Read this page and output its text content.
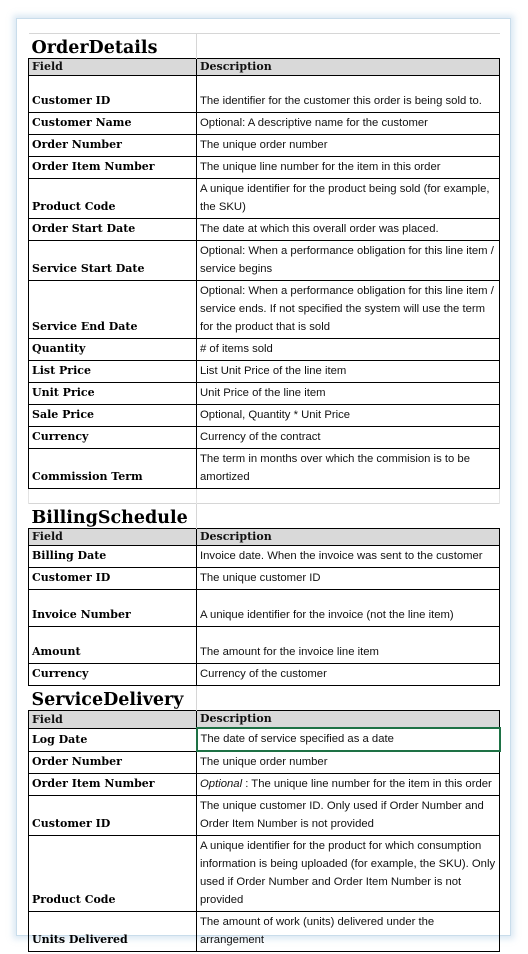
OrderDetails	
Field	Description
Customer ID	The identifier for the customer this order is being sold to.
Customer Name	Optional: A descriptive name for the customer
Order Number	The unique order number
Order Item Number	The unique line number for the item in this order
Product Code	A unique identifier for the product being sold (for example, the SKU)
Order Start Date	The date at which this overall order was placed.
Service Start Date	Optional: When a performance obligation for this line item / service begins
Service End Date	Optional: When a performance obligation for this line item / service ends. If not specified the system will use the term for the product that is sold
Quantity	# of items sold
List Price	List Unit Price of the line item
Unit Price	Unit Price of the line item
Sale Price	Optional, Quantity * Unit Price
Currency	Currency of the contract
Commission Term	The term in months over which the commision is to be amortized

BillingSchedule	
Field	Description
Billing Date	Invoice date. When the invoice was sent to the customer
Customer ID	The unique customer ID
Invoice Number	A unique identifier for the invoice (not the line item)
Amount	The amount for the invoice line item
Currency	Currency of the customer
ServiceDelivery	
Field	Description
Log Date	The date of service specified as a date
Order Number	The unique order number
Order Item Number	Optional : The unique line number for the item in this order
Customer ID	The unique customer ID. Only used if Order Number and Order Item Number is not provided
Product Code	A unique identifier for the product for which consumption information is being uploaded (for example, the SKU). Only used if Order Number and Order Item Number is not provided
Units Delivered	The amount of work (units) delivered under the arrangement
